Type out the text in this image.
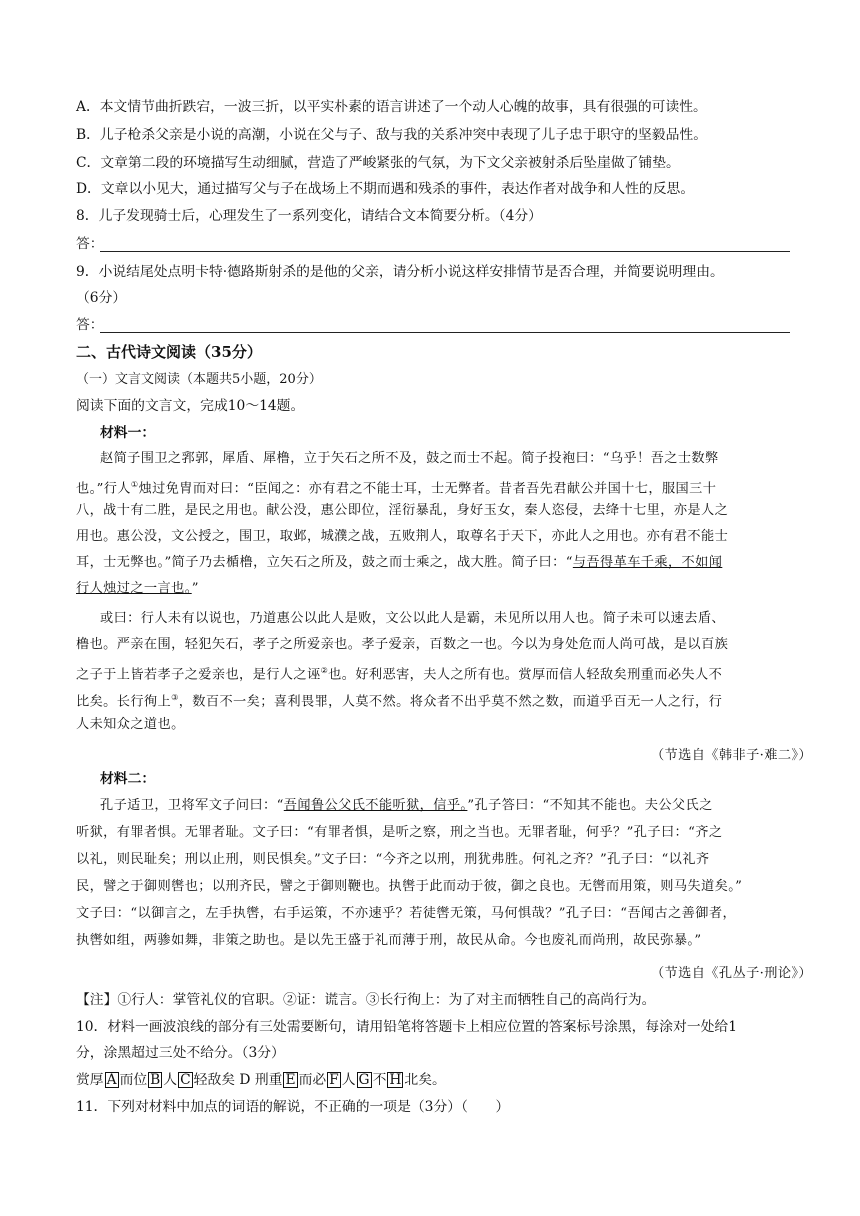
A．本文情节曲折跌宕，一波三折，以平实朴素的语言讲述了一个动人心魄的故事，具有很强的可读性。
B．儿子枪杀父亲是小说的高潮，小说在父与子、敌与我的关系冲突中表现了儿子忠于职守的坚毅品性。
C．文章第二段的环境描写生动细腻，营造了严峻紧张的气氛，为下文父亲被射杀后坠崖做了铺垫。
D．文章以小见大，通过描写父与子在战场上不期而遇和残杀的事件，表达作者对战争和人性的反思。
8．儿子发现骑士后，心理发生了一系列变化，请结合文本简要分析。（4分）
答：
9．小说结尾处点明卡特·德路斯射杀的是他的父亲，请分析小说这样安排情节是否合理，并简要说明理由。
（6分）
答：
二、古代诗文阅读（35分）
（一）文言文阅读（本题共5小题，20分）
阅读下面的文言文，完成10～14题。
材料一：
赵简子围卫之郛郭，犀盾、犀橹，立于矢石之所不及，鼓之而士不起。简子投袍曰：“乌乎！吾之士数弊
也。”行人①烛过免胄而对曰：“臣闻之：亦有君之不能士耳，士无弊者。昔者吾先君献公并国十七，服国三十
八，战十有二胜，是民之用也。献公没，惠公即位，淫衍暴乱，身好玉女，秦人恣侵，去绛十七里，亦是人之
用也。惠公没，文公授之，围卫，取邺，城濮之战，五败荆人，取尊名于天下，亦此人之用也。亦有君不能士
耳，士无弊也。”简子乃去楯橹，立矢石之所及，鼓之而士乘之，战大胜。简子曰：“与吾得革车千乘，不如闻
行人烛过之一言也。”
或曰：行人未有以说也，乃道惠公以此人是败，文公以此人是霸，未见所以用人也。简子未可以速去盾、
橹也。严亲在围，轻犯矢石，孝子之所爱亲也。孝子爱亲，百数之一也。今以为身处危而人尚可战，是以百族
之子于上皆若孝子之爱亲也，是行人之诬②也。好利恶害，夫人之所有也。赏厚而信人轻敌矣刑重而必失人不
比矣。长行徇上③，数百不一矣；喜利畏罪，人莫不然。将众者不出乎莫不然之数，而道乎百无一人之行，行
人未知众之道也。
（节选自《韩非子·难二》）
材料二：
孔子适卫，卫将军文子问曰：“吾闻鲁公父氏不能听狱，信乎。”孔子答曰：“不知其不能也。夫公父氏之
听狱，有罪者惧。无罪者耻。文子曰：“有罪者惧，是听之察，刑之当也。无罪者耻，何乎？”孔子曰：“齐之
以礼，则民耻矣；刑以止刑，则民惧矣。”文子曰：“今齐之以刑，刑犹弗胜。何礼之齐？”孔子曰：“以礼齐
民，譬之于御则辔也；以刑齐民，譬之于御则鞭也。执辔于此而动于彼，御之良也。无辔而用策，则马失道矣。”
文子曰：“以御言之，左手执辔，右手运策，不亦速乎？若徒辔无策，马何惧哉？”孔子曰：“吾闻古之善御者，
执辔如组，两骖如舞，非策之助也。是以先王盛于礼而薄于刑，故民从命。今也废礼而尚刑，故民弥暴。”
（节选自《孔丛子·刑论》）
【注】①行人：掌管礼仪的官职。②证：谎言。③长行徇上：为了对主而牺牲自己的高尚行为。
10．材料一画波浪线的部分有三处需要断句，请用铅笔将答题卡上相应位置的答案标号涂黑，每涂对一处给1
分，涂黑超过三处不给分。（3分）
赏厚 A 而位 B 人 C 轻敌矣 D 刑重 E 而必 F 人 G 不 H 北矣。
11．下列对材料中加点的词语的解说，不正确的一项是（3分）（　　）
